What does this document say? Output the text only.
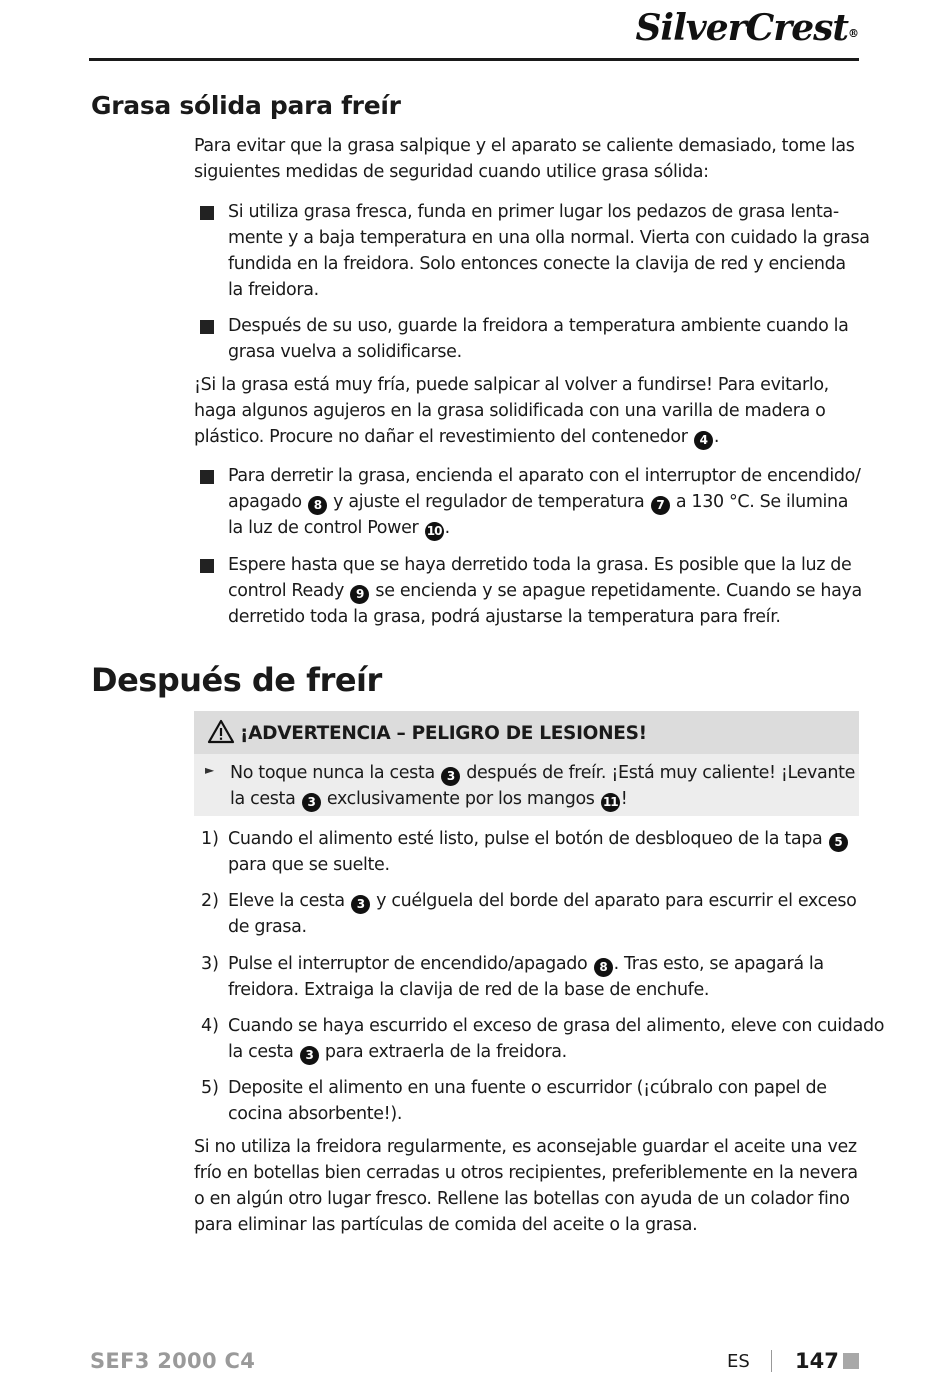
SilverCrest®
Grasa sólida para freír
Para evitar que la grasa salpique y el aparato se caliente demasiado, tome las
siguientes medidas de seguridad cuando utilice grasa sólida:
Si utiliza grasa fresca, funda en primer lugar los pedazos de grasa lenta-
mente y a baja temperatura en una olla normal. Vierta con cuidado la grasa
fundida en la freidora. Solo entonces conecte la clavija de red y encienda
la freidora.
Después de su uso, guarde la freidora a temperatura ambiente cuando la
grasa vuelva a solidificarse.
¡Si la grasa está muy fría, puede salpicar al volver a fundirse! Para evitarlo,
haga algunos agujeros en la grasa solidificada con una varilla de madera o
plástico. Procure no dañar el revestimiento del contenedor 4 .
Para derretir la grasa, encienda el aparato con el interruptor de encendido/
apagado 8 y ajuste el regulador de temperatura 7 a 130 °C. Se ilumina
la luz de control Power 10 .
Espere hasta que se haya derretido toda la grasa. Es posible que la luz de
control Ready 9 se encienda y se apague repetidamente. Cuando se haya
derretido toda la grasa, podrá ajustarse la temperatura para freír.
Después de freír
¡ADVERTENCIA – PELIGRO DE LESIONES!
► No toque nunca la cesta 3 después de freír. ¡Está muy caliente! ¡Levante
la cesta 3 exclusivamente por los mangos 11 !
1) Cuando el alimento esté listo, pulse el botón de desbloqueo de la tapa 5
para que se suelte.
2) Eleve la cesta 3 y cuélguela del borde del aparato para escurrir el exceso
de grasa.
3) Pulse el interruptor de encendido/apagado 8 . Tras esto, se apagará la
freidora. Extraiga la clavija de red de la base de enchufe.
4) Cuando se haya escurrido el exceso de grasa del alimento, eleve con cuidado
la cesta 3 para extraerla de la freidora.
5) Deposite el alimento en una fuente o escurridor (¡cúbralo con papel de
cocina absorbente!).
Si no utiliza la freidora regularmente, es aconsejable guardar el aceite una vez
frío en botellas bien cerradas u otros recipientes, preferiblemente en la nevera
o en algún otro lugar fresco. Rellene las botellas con ayuda de un colador fino
para eliminar las partículas de comida del aceite o la grasa.
SEF3 2000 C4	ES 147
